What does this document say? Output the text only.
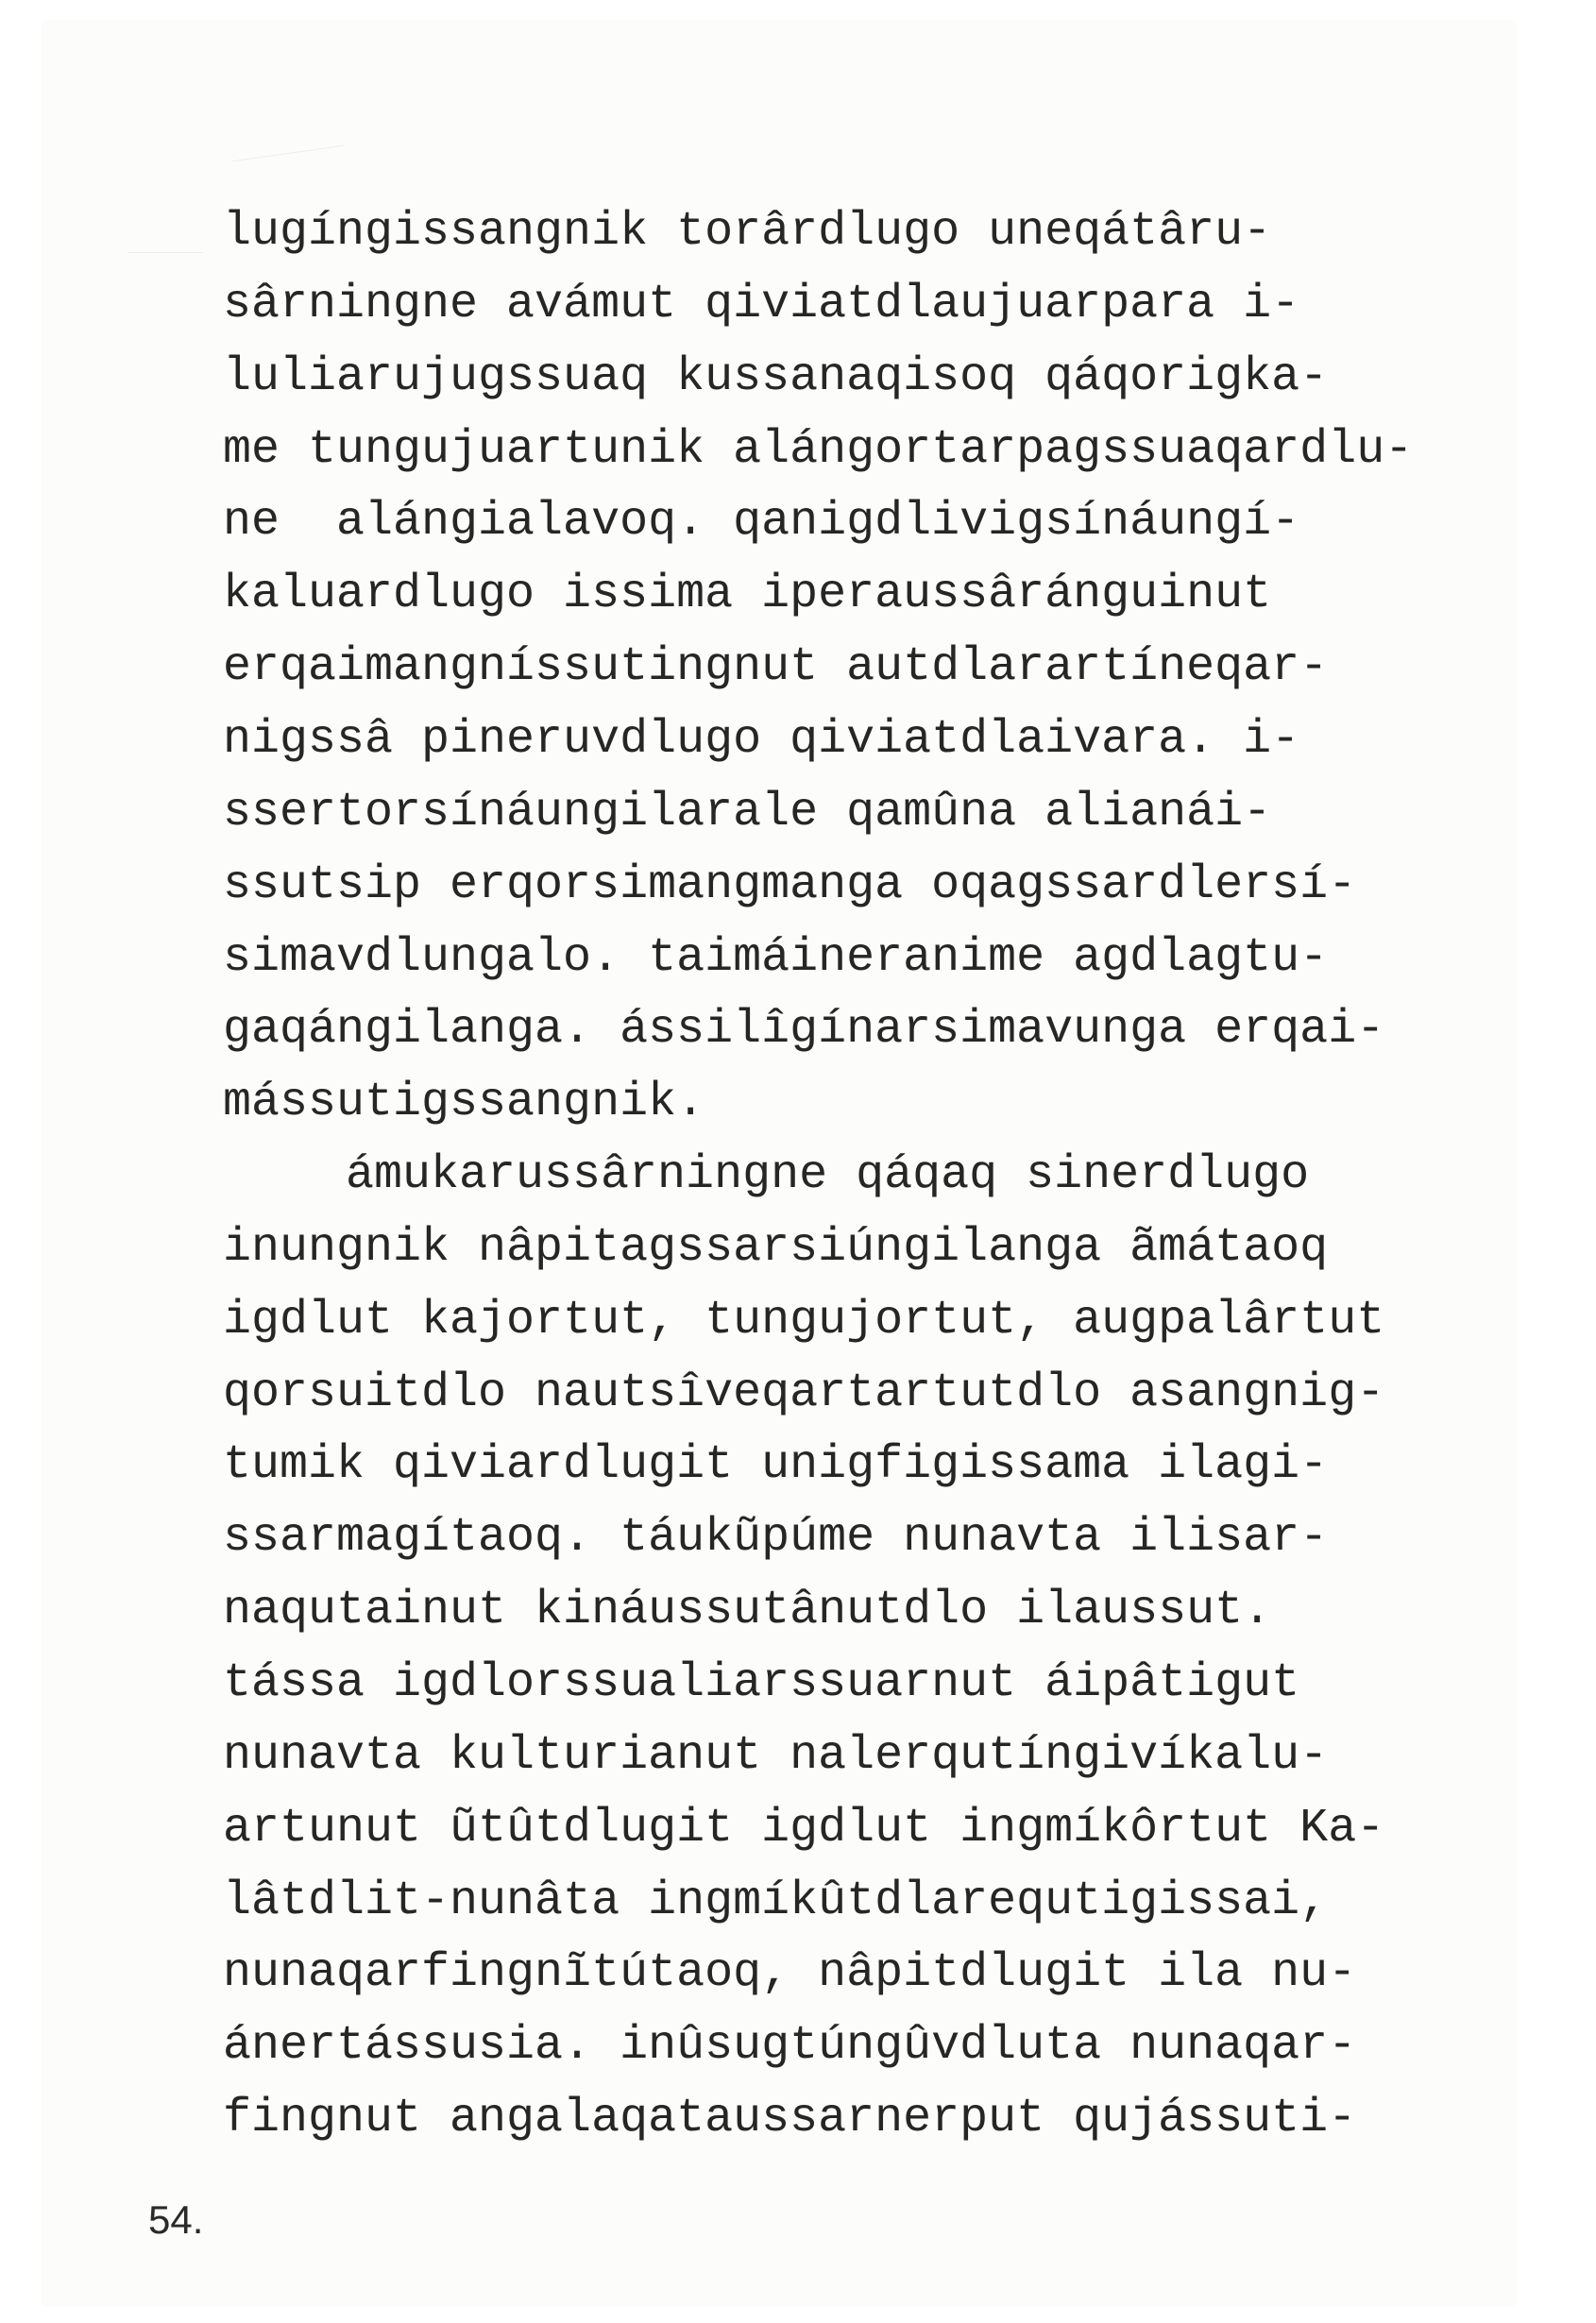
lugíngissangnik torârdlugo uneqátâru-
sârningne avámut qiviatdlaujuarpara i-
luliarujugssuaq kussanaqisoq qáqorigka-
me tungujuartunik alángortarpagssuaqardlu-
ne  alángialavoq. qanigdlivigsínáungí-
kaluardlugo issima iperaussâránguinut
erqaimangníssutingnut autdlarartíneqar-
nigssâ pineruvdlugo qiviatdlaivara. i-
ssertorsínáungilarale qamûna alianái-
ssutsip erqorsimangmanga oqagssardlersí-
simavdlungalo. taimáineranime agdlagtu-
gaqángilanga. ássilîgínarsimavunga erqai-
mássutigssangnik.
ámukarussârningne qáqaq sinerdlugo
inungnik nâpitagssarsiúngilanga ãmátaoq
igdlut kajortut, tungujortut, augpalârtut
qorsuitdlo nautsîveqartartutdlo asangnig-
tumik qiviardlugit unigfigissama ilagi-
ssarmagítaoq. táukũpúme nunavta ilisar-
naqutainut kináussutânutdlo ilaussut.
tássa igdlorssualiarssuarnut áipâtigut
nunavta kulturianut nalerqutíngivíkalu-
artunut ũtûtdlugit igdlut ingmíkôrtut Ka-
lâtdlit-nunâta ingmíkûtdlarequtigissai,
nunaqarfingnĩtútaoq, nâpitdlugit ila nu-
ánertássusia. inûsugtúngûvdluta nunaqar-
fingnut angalaqataussarnerput qujássuti-
54.
